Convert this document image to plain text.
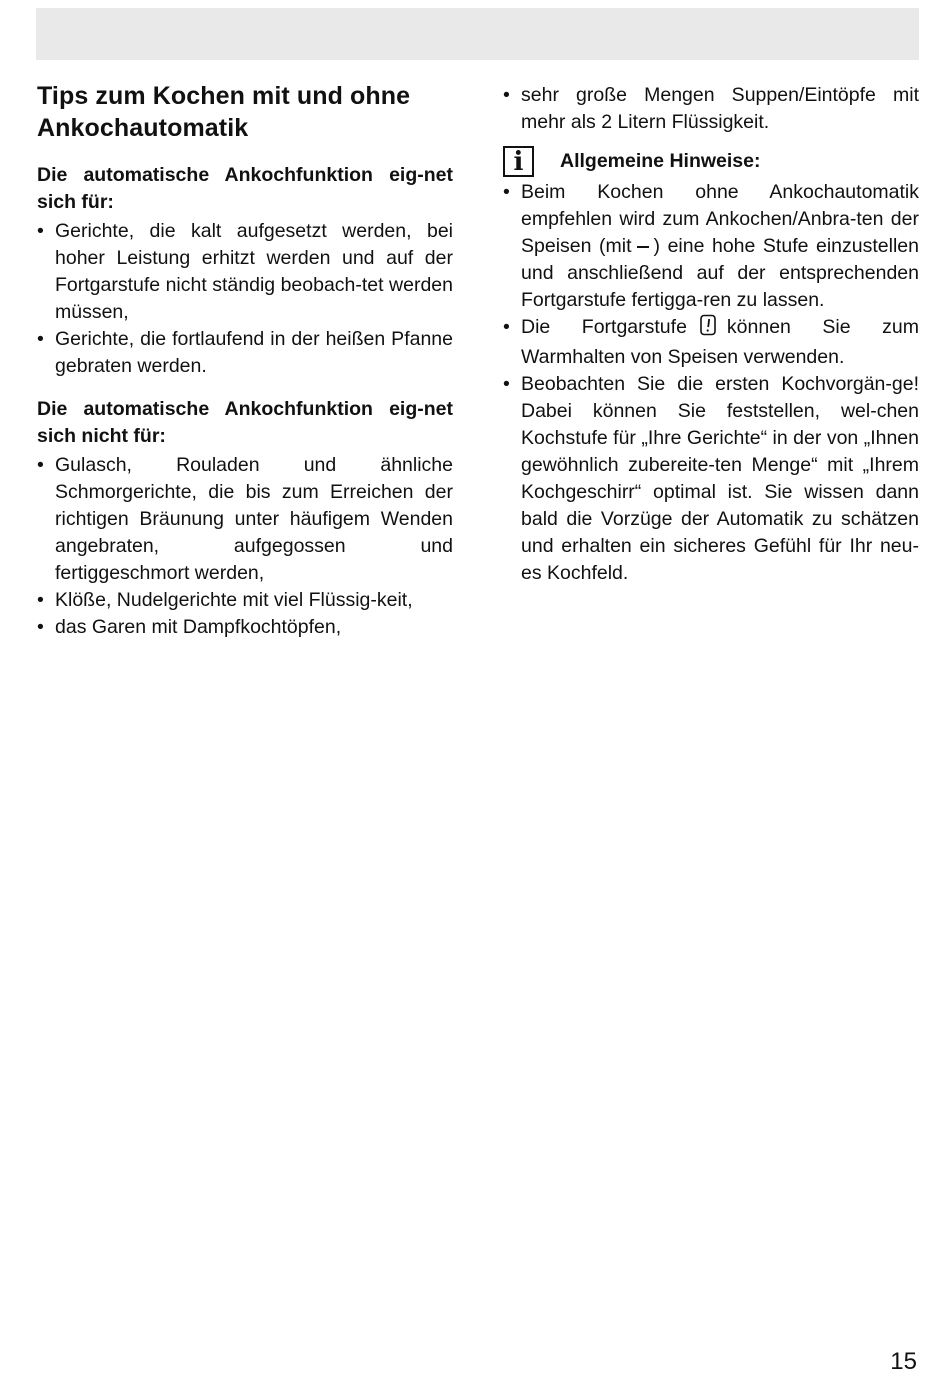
Tips zum Kochen mit und ohne Ankochautomatik
Die automatische Ankochfunktion eig-net sich für:
• Gerichte, die kalt aufgesetzt werden, bei hoher Leistung erhitzt werden und auf der Fortgarstufe nicht ständig beobach-tet werden müssen,
• Gerichte, die fortlaufend in der heißen Pfanne gebraten werden.
Die automatische Ankochfunktion eig-net sich nicht für:
• Gulasch, Rouladen und ähnliche Schmorgerichte, die bis zum Erreichen der richtigen Bräunung unter häufigem Wenden angebraten, aufgegossen und fertiggeschmort werden,
• Klöße, Nudelgerichte mit viel Flüssig-keit,
• das Garen mit Dampfkochtöpfen,
• sehr große Mengen Suppen/Eintöpfe mit mehr als 2 Litern Flüssigkeit.
i	Allgemeine Hinweise:
• Beim Kochen ohne Ankochautomatik empfehlen wird zum Ankochen/Anbra-ten der Speisen (mit ) eine hohe Stufe einzustellen und anschließend auf der entsprechenden Fortgarstufe fertigga-ren zu lassen.
• Die Fortgarstufe können Sie zum Warmhalten von Speisen verwenden.
• Beobachten Sie die ersten Kochvorgän-ge! Dabei können Sie feststellen, wel-chen Kochstufe für „Ihre Gerichte“ in der von „Ihnen gewöhnlich zubereite-ten Menge“ mit „Ihrem Kochgeschirr“ optimal ist. Sie wissen dann bald die Vorzüge der Automatik zu schätzen und erhalten ein sicheres Gefühl für Ihr neu-es Kochfeld.
15
